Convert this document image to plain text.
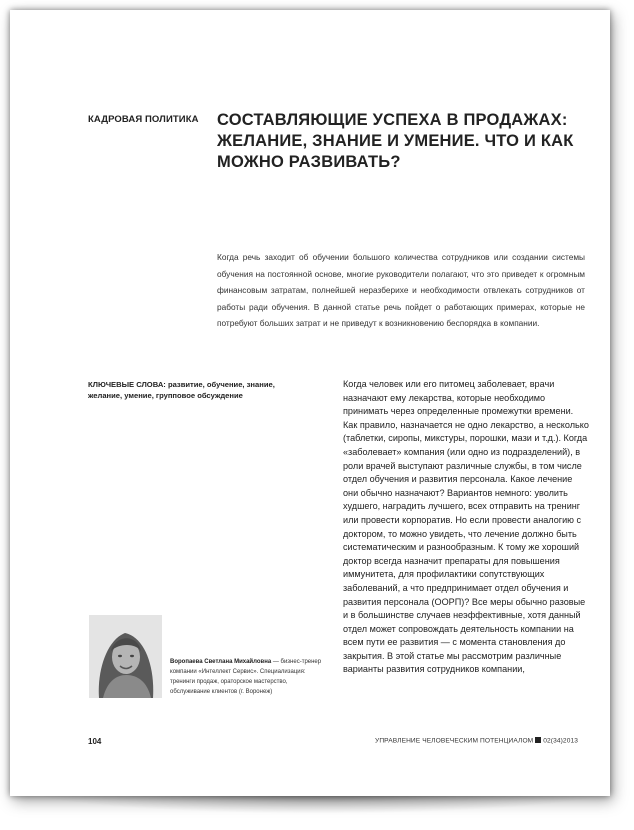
КАДРОВАЯ ПОЛИТИКА СОСТАВЛЯЮЩИЕ УСПЕХА В ПРОДАЖАХ: ЖЕЛАНИЕ, ЗНАНИЕ И УМЕНИЕ. ЧТО И КАК МОЖНО РАЗВИВАТЬ?
Когда речь заходит об обучении большого количества сотрудников или создании системы обучения на постоянной основе, многие руководители полагают, что это приведет к огромным финансовым затратам, полнейшей неразберихе и необходимости отвлекать сотрудников от работы ради обучения. В данной статье речь пойдет о работающих примерах, которые не потребуют больших затрат и не приведут к возникновению беспорядка в компании.
КЛЮЧЕВЫЕ СЛОВА: развитие, обучение, знание, желание, умение, групповое обсуждение
Когда человек или его питомец заболевает, врачи назначают ему лекарства, которые необходимо принимать через определенные промежутки времени. Как правило, назначается не одно лекарство, а несколько (таблетки, сиропы, микстуры, порошки, мази и т.д.). Когда «заболевает» компания (или одно из подразделений), в роли врачей выступают различные службы, в том числе отдел обучения и развития персонала. Какое лечение они обычно назначают? Вариантов немного: уволить худшего, наградить лучшего, всех отправить на тренинг или провести корпоратив. Но если провести аналогию с доктором, то можно увидеть, что лечение должно быть систематическим и разнообразным. К тому же хороший доктор всегда назначит препараты для повышения иммунитета, для профилактики сопутствующих заболеваний, а что предпринимает отдел обучения и развития персонала (ООРП)? Все меры обычно разовые и в большинстве случаев неэффективные, хотя данный отдел может сопровождать деятельность компании на всем пути ее развития — с момента становления до закрытия. В этой статье мы рассмотрим различные варианты развития сотрудников компании,
Воропаева Светлана Михайловна — бизнес-тренер компании «Интеллект Сервис». Специализация: тренинги продаж, ораторское мастерство, обслуживание клиентов (г. Воронеж)
104	УПРАВЛЕНИЕ ЧЕЛОВЕЧЕСКИМ ПОТЕНЦИАЛОМ 02(34)2013
